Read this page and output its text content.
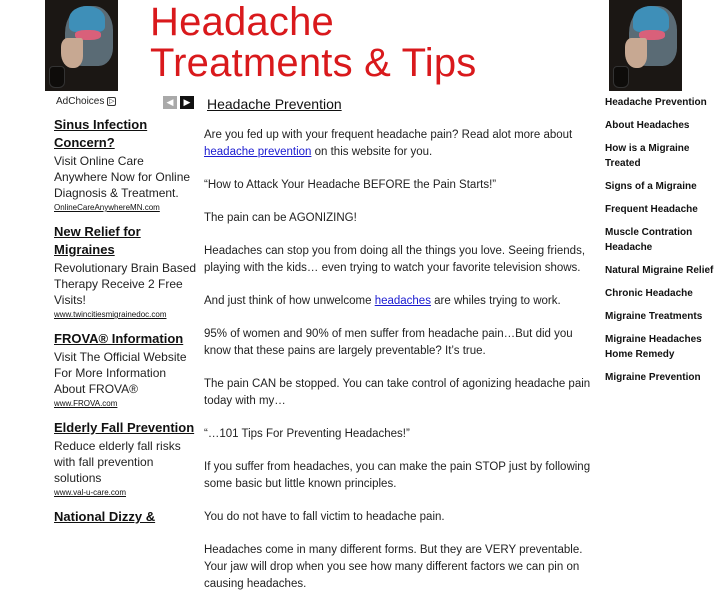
Headache
Treatments & Tips
AdChoices ▷	◀ ▶
Sinus Infection Concern?
Visit Online Care Anywhere Now for Online Diagnosis & Treatment.
OnlineCareAnywhereMN.com
New Relief for Migraines
Revolutionary Brain Based Therapy Receive 2 Free Visits!
www.twincitiesmigrainedoc.com
FROVA® Information
Visit The Official Website For More Information About FROVA®
www.FROVA.com
Elderly Fall Prevention
Reduce elderly fall risks with fall prevention solutions
www.val-u-care.com
National Dizzy &
Headache Prevention

Are you fed up with your frequent headache pain? Read alot more about headache prevention on this website for you.

“How to Attack Your Headache BEFORE the Pain Starts!”

The pain can be AGONIZING!

Headaches can stop you from doing all the things you love. Seeing friends, playing with the kids… even trying to watch your favorite television shows.

And just think of how unwelcome headaches are whiles trying to work.

95% of women and 90% of men suffer from headache pain…But did you know that these pains are largely preventable? It’s true.

The pain CAN be stopped. You can take control of agonizing headache pain today with my…

“…101 Tips For Preventing Headaches!”

If you suffer from headaches, you can make the pain STOP just by following some basic but little known principles.

You do not have to fall victim to headache pain.

Headaches come in many different forms. But they are VERY preventable. Your jaw will drop when you see how many different factors we can pin on causing headaches.

Headache Prevention
About Headaches
How is a Migraine Treated
Signs of a Migraine
Frequent Headache
Muscle Contration Headache
Natural Migraine Relief
Chronic Headache
Migraine Treatments
Migraine Headaches Home Remedy
Migraine Prevention
